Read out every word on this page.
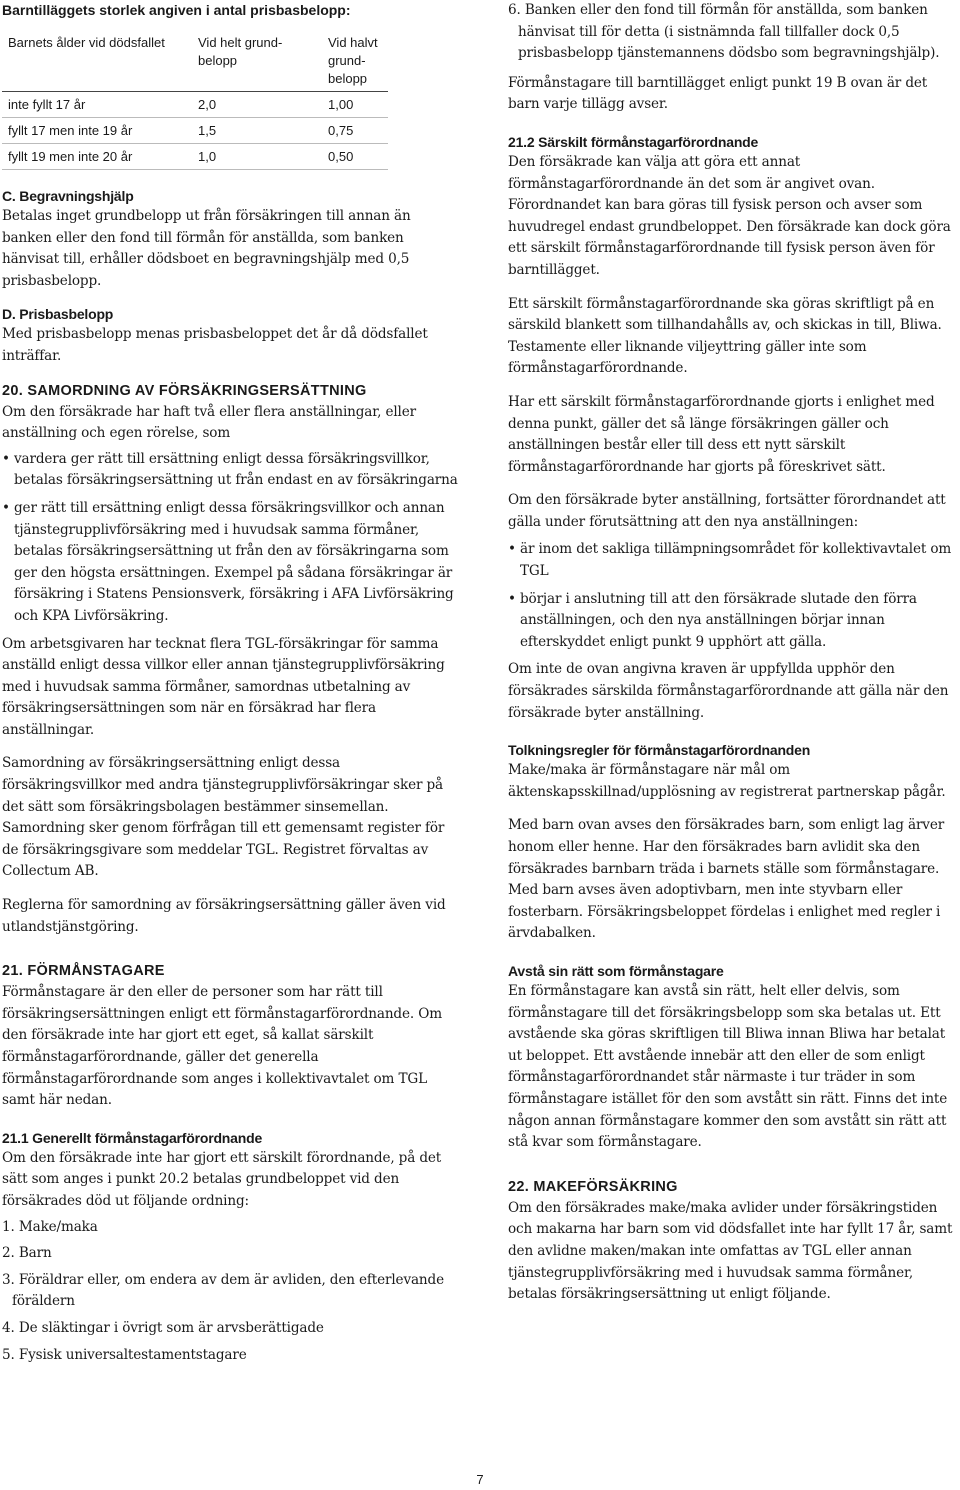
Barntilläggets storlek angiven i antal prisbasbelopp:

Barnets ålder vid dödsfallet	Vid helt grund-belopp	Vid halvt grund-belopp
inte fyllt 17 år	2,0	1,00
fyllt 17 men inte 19 år	1,5	0,75
fyllt 19 men inte 20 år	1,0	0,50

C. Begravningshjälp

Betalas inget grundbelopp ut från försäkringen till annan än banken eller den fond till förmån för anställda, som banken hänvisat till, erhåller dödsboet en begravningshjälp med 0,5 prisbasbelopp.

D. Prisbasbelopp

Med prisbasbelopp menas prisbasbeloppet det år då dödsfallet inträffar.

20. SAMORDNING AV FÖRSÄKRINGSERSÄTTNING

Om den försäkrade har haft två eller flera anställningar, eller anställning och egen rörelse, som

• vardera ger rätt till ersättning enligt dessa försäkringsvillkor, betalas försäkringsersättning ut från endast en av försäkringarna
• ger rätt till ersättning enligt dessa försäkringsvillkor och annan tjänstegrupplivförsäkring med i huvudsak samma förmåner, betalas försäkringsersättning ut från den av försäkringarna som ger den högsta ersättningen. Exempel på sådana försäkringar är försäkring i Statens Pensionsverk, försäkring i AFA Livförsäkring och KPA Livförsäkring.

Om arbetsgivaren har tecknat flera TGL-försäkringar för samma anställd enligt dessa villkor eller annan tjänstegrupplivförsäkring med i huvudsak samma förmåner, samordnas utbetalning av försäkringsersättningen som när en försäkrad har flera anställningar.

Samordning av försäkringsersättning enligt dessa försäkringsvillkor med andra tjänstegrupplivförsäkringar sker på det sätt som försäkringsbolagen bestämmer sinsemellan. Samordning sker genom förfrågan till ett gemensamt register för de försäkringsgivare som meddelar TGL. Registret förvaltas av Collectum AB.

Reglerna för samordning av försäkringsersättning gäller även vid utlandstjänstgöring.

21. FÖRMÅNSTAGARE

Förmånstagare är den eller de personer som har rätt till försäkringsersättningen enligt ett förmånstagarförordnande. Om den försäkrade inte har gjort ett eget, så kallat särskilt förmånstagarförordnande, gäller det generella förmånstagarförordnande som anges i kollektivavtalet om TGL samt här nedan.

21.1 Generellt förmånstagarförordnande

Om den försäkrade inte har gjort ett särskilt förordnande, på det sätt som anges i punkt 20.2 betalas grundbeloppet vid den försäkrades död ut följande ordning:

1. Make/maka
2. Barn
3. Föräldrar eller, om endera av dem är avliden, den efterlevande föräldern
4. De släktingar i övrigt som är arvsberättigade
5. Fysisk universaltestamentstagare

6. Banken eller den fond till förmån för anställda, som banken hänvisat till för detta (i sistnämnda fall tillfaller dock 0,5 prisbasbelopp tjänstemannens dödsbo som begravningshjälp).

Förmånstagare till barntillägget enligt punkt 19 B ovan är det barn varje tillägg avser.

21.2 Särskilt förmånstagarförordnande

Den försäkrade kan välja att göra ett annat förmånstagarförordnande än det som är angivet ovan. Förordnandet kan bara göras till fysisk person och avser som huvudregel endast grundbeloppet. Den försäkrade kan dock göra ett särskilt förmånstagarförordnande till fysisk person även för barntillägget.

Ett särskilt förmånstagarförordnande ska göras skriftligt på en särskild blankett som tillhandahålls av, och skickas in till, Bliwa. Testamente eller liknande viljeyttring gäller inte som förmånstagarförordnande.

Har ett särskilt förmånstagarförordnande gjorts i enlighet med denna punkt, gäller det så länge försäkringen gäller och anställningen består eller till dess ett nytt särskilt förmånstagarförordnande har gjorts på föreskrivet sätt.

Om den försäkrade byter anställning, fortsätter förordnandet att gälla under förutsättning att den nya anställningen:

• är inom det sakliga tillämpningsområdet för kollektivavtalet om TGL
• börjar i anslutning till att den försäkrade slutade den förra anställningen, och den nya anställningen börjar innan efterskyddet enligt punkt 9 upphört att gälla.

Om inte de ovan angivna kraven är uppfyllda upphör den försäkrades särskilda förmånstagarförordnande att gälla när den försäkrade byter anställning.

Tolkningsregler för förmånstagarförordnanden

Make/maka är förmånstagare när mål om äktenskapsskillnad/upplösning av registrerat partnerskap pågår.

Med barn ovan avses den försäkrades barn, som enligt lag ärver honom eller henne. Har den försäkrades barn avlidit ska den försäkrades barnbarn träda i barnets ställe som förmånstagare. Med barn avses även adoptivbarn, men inte styvbarn eller fosterbarn. Försäkringsbeloppet fördelas i enlighet med regler i ärvdabalken.

Avstå sin rätt som förmånstagare

En förmånstagare kan avstå sin rätt, helt eller delvis, som förmånstagare till det försäkringsbelopp som ska betalas ut. Ett avstående ska göras skriftligen till Bliwa innan Bliwa har betalat ut beloppet. Ett avstående innebär att den eller de som enligt förmånstagarförordnandet står närmaste i tur träder in som förmånstagare istället för den som avstått sin rätt. Finns det inte någon annan förmånstagare kommer den som avstått sin rätt att stå kvar som förmånstagare.

22. MAKEFÖRSÄKRING

Om den försäkrades make/maka avlider under försäkringstiden och makarna har barn som vid dödsfallet inte har fyllt 17 år, samt den avlidne maken/makan inte omfattas av TGL eller annan tjänstegrupplivförsäkring med i huvudsak samma förmåner, betalas försäkringsersättning ut enligt följande.

7
